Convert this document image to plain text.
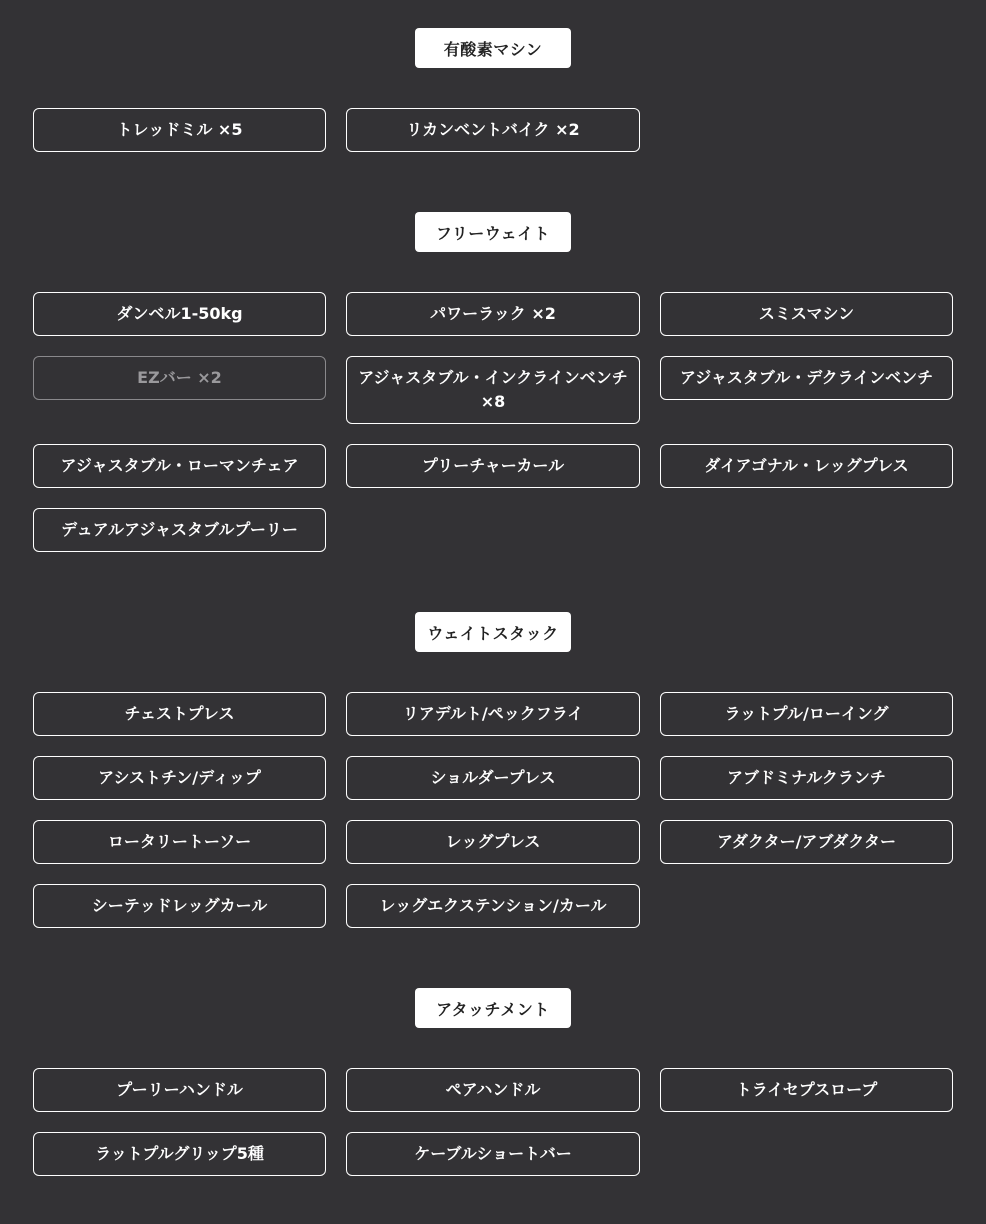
有酸素マシン
トレッドミル ×5	リカンベントバイク ×2
フリーウェイト
ダンベル1-50kg	パワーラック ×2	スミスマシン
EZバー ×2	アジャスタブル・インクラインベンチ ×8
アジャスタブル・デクラインベンチ
アジャスタブル・ローマンチェア	プリーチャーカール	ダイアゴナル・レッグプレス
デュアルアジャスタブルプーリー
ウェイトスタック
チェストプレス	リアデルト/ペックフライ	ラットプル/ローイング
アシストチン/ディップ	ショルダープレス	アブドミナルクランチ
ロータリートーソー	レッグプレス	アダクター/アブダクター
シーテッドレッグカール	レッグエクステンション/カール
アタッチメント
プーリーハンドル	ペアハンドル	トライセプスロープ
ラットプルグリップ5種	ケーブルショートバー
